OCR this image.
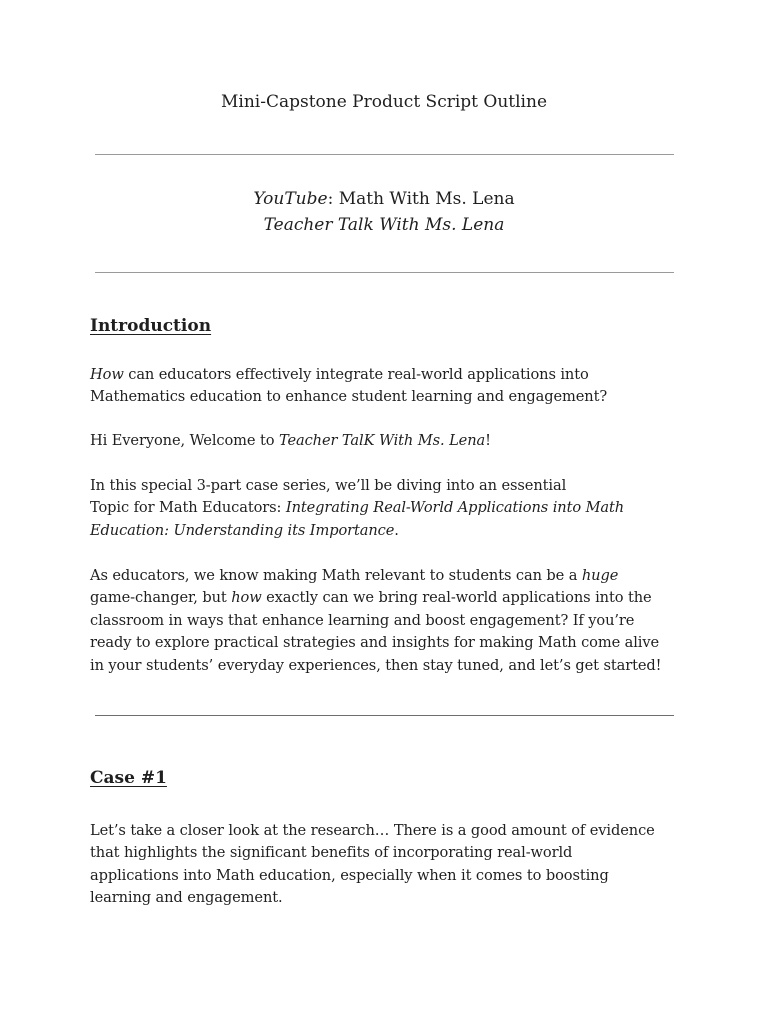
Mini-Capstone Product Script Outline
YouTube: Math With Ms. Lena
Teacher Talk With Ms. Lena
Introduction
How can educators effectively integrate real-world applications into
Mathematics education to enhance student learning and engagement?
Hi Everyone, Welcome to Teacher TalK With Ms. Lena!
In this special 3-part case series, we’ll be diving into an essential
Topic for Math Educators: Integrating Real-World Applications into Math
Education: Understanding its Importance.
As educators, we know making Math relevant to students can be a huge
game-changer, but how exactly can we bring real-world applications into the
classroom in ways that enhance learning and boost engagement? If you’re
ready to explore practical strategies and insights for making Math come alive
in your students’ everyday experiences, then stay tuned, and let’s get started!
Case #1
Let’s take a closer look at the research… There is a good amount of evidence
that highlights the significant benefits of incorporating real-world
applications into Math education, especially when it comes to boosting
learning and engagement.
